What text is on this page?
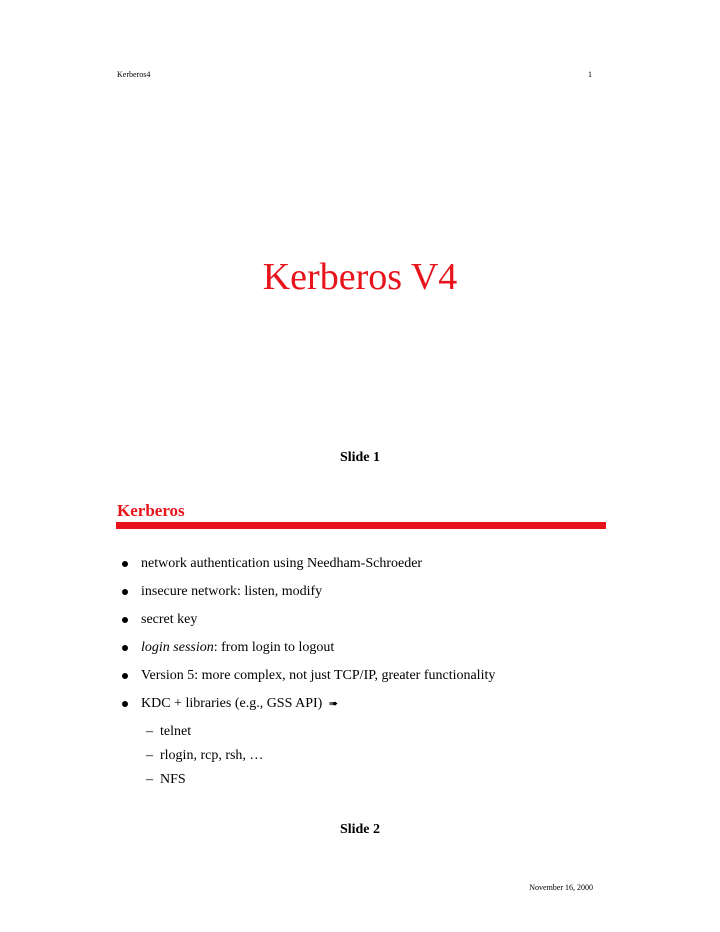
Kerberos4	1
Kerberos V4
Slide 1
Kerberos
network authentication using Needham-Schroeder
insecure network: listen, modify
secret key
login session: from login to logout
Version 5: more complex, not just TCP/IP, greater functionality
KDC + libraries (e.g., GSS API) ➠
– telnet
– rlogin, rcp, rsh, …
– NFS
Slide 2
November 16, 2000
